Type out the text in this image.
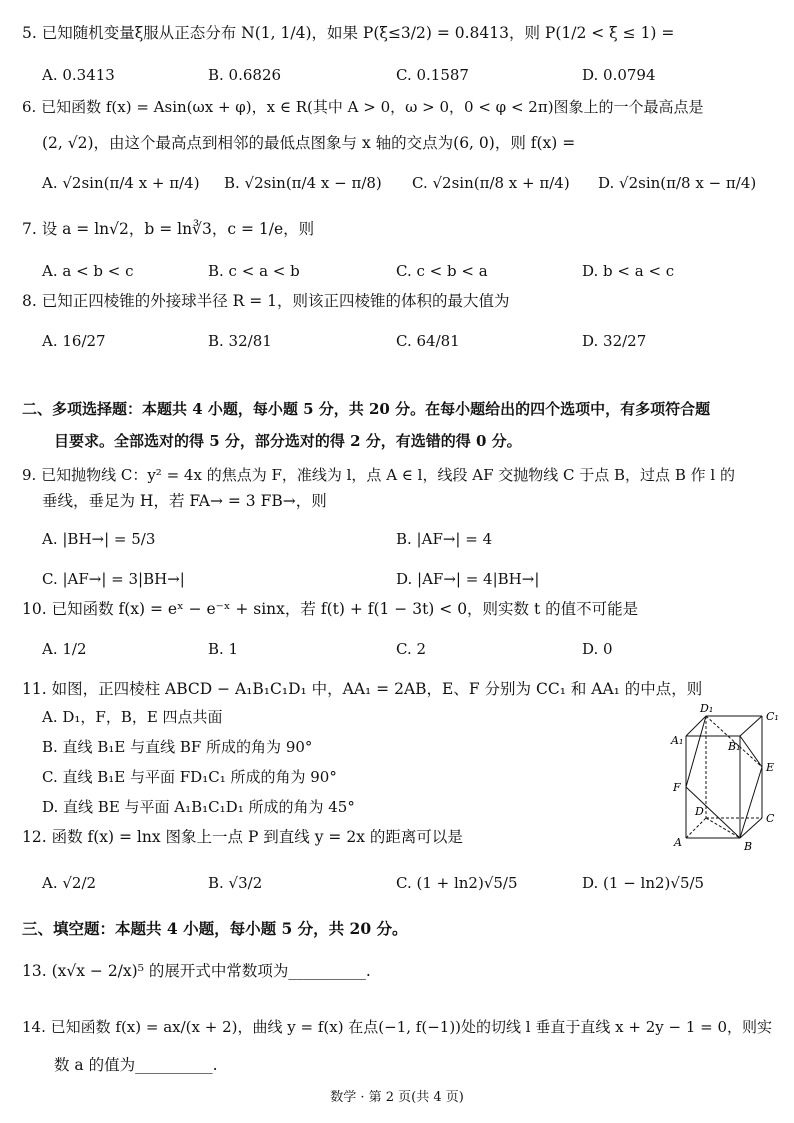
5. 已知随机变量ξ服从正态分布 N(1, 1/4)，如果 P(ξ≤3/2) = 0.8413，则 P(1/2 < ξ ≤ 1) =
A. 0.3413	B. 0.6826	C. 0.1587	D. 0.0794
6. 已知函数 f(x) = Asin(ωx + φ)，x ∈ R(其中 A > 0，ω > 0，0 < φ < 2π)图象上的一个最高点是
(2, √2)，由这个最高点到相邻的最低点图象与 x 轴的交点为(6, 0)，则 f(x) =
A. √2sin(π/4 x + π/4) B. √2sin(π/4 x − π/8) C. √2sin(π/8 x + π/4) D. √2sin(π/8 x − π/4)
7. 设 a = ln√2，b = ln∛3，c = 1/e，则
A. a < b < c	B. c < a < b	C. c < b < a	D. b < a < c
8. 已知正四棱锥的外接球半径 R = 1，则该正四棱锥的体积的最大值为
A. 16/27	B. 32/81	C. 64/81	D. 32/27
二、多项选择题：本题共 4 小题，每小题 5 分，共 20 分。在每小题给出的四个选项中，有多项符合题
目要求。全部选对的得 5 分，部分选对的得 2 分，有选错的得 0 分。
9. 已知抛物线 C：y² = 4x 的焦点为 F，准线为 l，点 A ∈ l，线段 AF 交抛物线 C 于点 B，过点 B 作 l 的
垂线，垂足为 H，若 FA→ = 3 FB→，则
A. |BH→| = 5/3	B. |AF→| = 4
C. |AF→| = 3|BH→|	D. |AF→| = 4|BH→|
10. 已知函数 f(x) = eˣ − e⁻ˣ + sinx，若 f(t) + f(1 − 3t) < 0，则实数 t 的值不可能是
A. 1/2	B. 1	C. 2	D. 0
11. 如图，正四棱柱 ABCD − A₁B₁C₁D₁ 中，AA₁ = 2AB，E、F 分别为 CC₁ 和 AA₁ 的中点，则
A. D₁，F，B，E 四点共面
B. 直线 B₁E 与直线 BF 所成的角为 90°
C. 直线 B₁E 与平面 FD₁C₁ 所成的角为 90°
D. 直线 BE 与平面 A₁B₁C₁D₁ 所成的角为 45°
D₁
C₁
A₁	B₁
E
F
D
C
A	B
12. 函数 f(x) = lnx 图象上一点 P 到直线 y = 2x 的距离可以是
A. √2/2	B. √3/2	C. (1 + ln2)√5/5	D. (1 − ln2)√5/5
三、填空题：本题共 4 小题，每小题 5 分，共 20 分。
13. (x√x − 2/x)⁵ 的展开式中常数项为__________.
14. 已知函数 f(x) = ax/(x + 2)，曲线 y = f(x) 在点(−1, f(−1))处的切线 l 垂直于直线 x + 2y − 1 = 0，则实
数 a 的值为__________.
数学 · 第 2 页(共 4 页)
